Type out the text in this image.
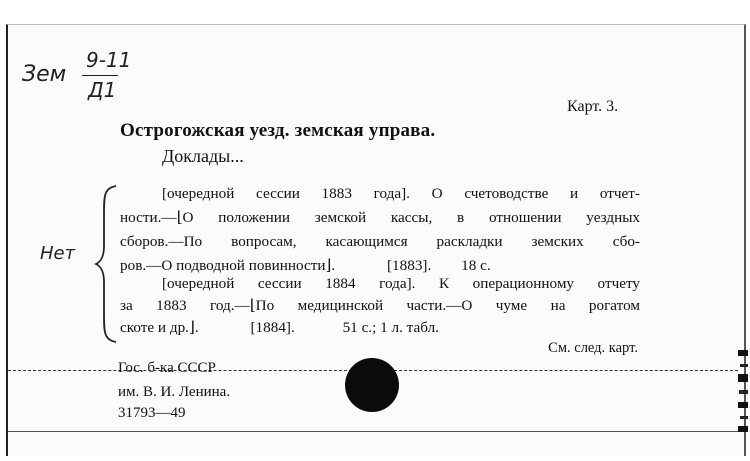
Зем
9-11
Д1
Нет
Карт. 3.
Острогожская уезд. земская управа.
Доклады...
[очередной сессии 1883 года]. О счетоводстве и отчет-
ности.—⌊О положении земской кассы, в отношении уездных
сборов.—По вопросам, касающимся раскладки земских сбо-
ров.—О подводной повинности⌋.	[1883]. 18 с.
[очередной сессии 1884 года]. К операционному отчету
за 1883 год.—⌊По медицинской части.—О чуме на рогатом
скоте и др.⌋.	[1884].	51 с.; 1 л. табл.
См. след. карт.
Гос. б-ка СССР
им. В. И. Ленина.
31793—49
